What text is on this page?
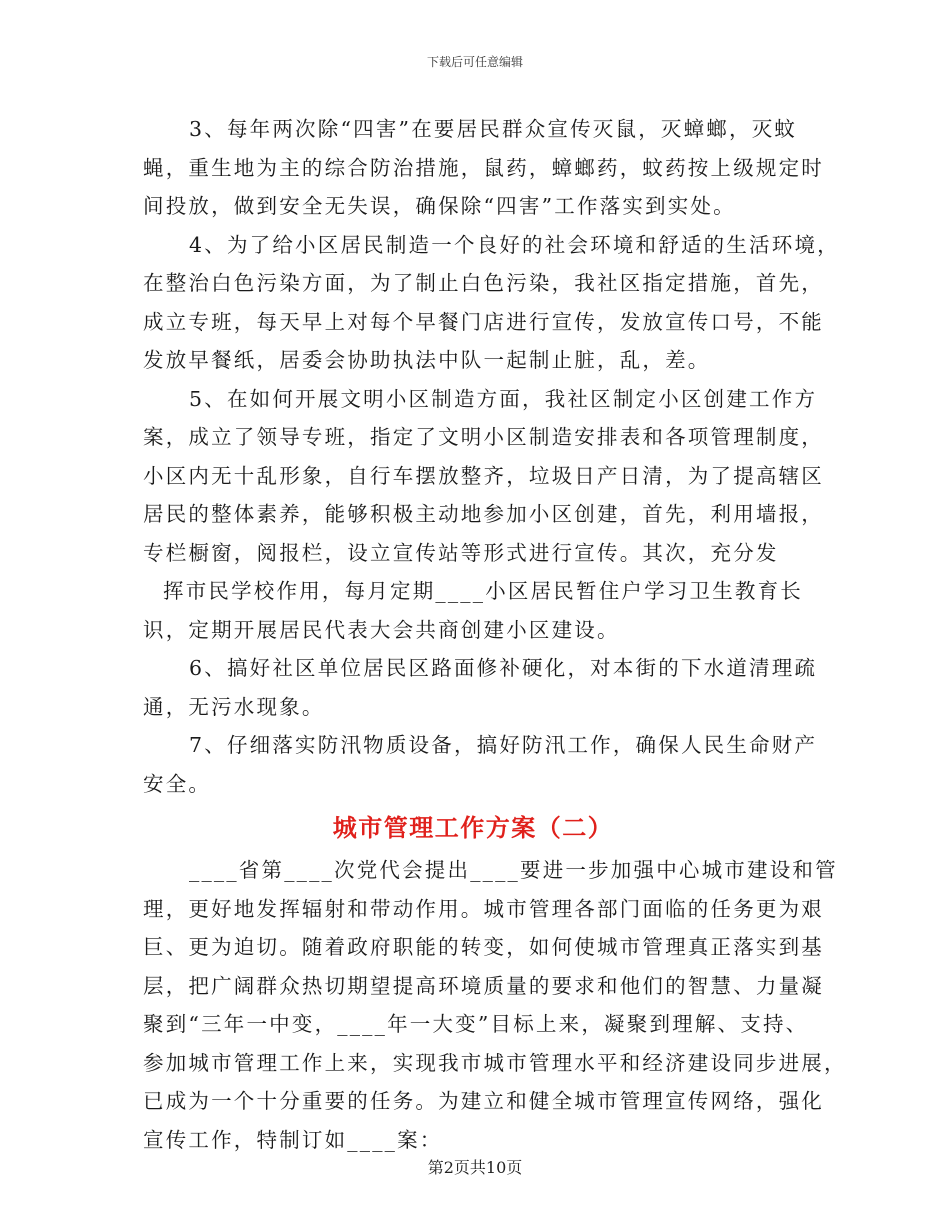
下载后可任意编辑
3、每年两次除“四害”在要居民群众宣传灭鼠，灭蟑螂，灭蚊
蝇，重生地为主的综合防治措施，鼠药，蟑螂药，蚊药按上级规定时
间投放，做到安全无失误，确保除“四害”工作落实到实处。
4、为了给小区居民制造一个良好的社会环境和舒适的生活环境，
在整治白色污染方面，为了制止白色污染，我社区指定措施，首先，
成立专班，每天早上对每个早餐门店进行宣传，发放宣传口号，不能
发放早餐纸，居委会协助执法中队一起制止脏，乱，差。
5、在如何开展文明小区制造方面，我社区制定小区创建工作方
案，成立了领导专班，指定了文明小区制造安排表和各项管理制度，
小区内无十乱形象，自行车摆放整齐，垃圾日产日清，为了提高辖区
居民的整体素养，能够积极主动地参加小区创建，首先，利用墙报，
专栏橱窗，阅报栏，设立宣传站等形式进行宣传。其次，充分发
挥市民学校作用，每月定期____小区居民暂住户学习卫生教育长
识，定期开展居民代表大会共商创建小区建设。
6、搞好社区单位居民区路面修补硬化，对本街的下水道清理疏
通，无污水现象。
7、仔细落实防汛物质设备，搞好防汛工作，确保人民生命财产
安全。
城市管理工作方案（二）
____省第____次党代会提出____要进一步加强中心城市建设和管
理，更好地发挥辐射和带动作用。城市管理各部门面临的任务更为艰
巨、更为迫切。随着政府职能的转变，如何使城市管理真正落实到基
层，把广阔群众热切期望提高环境质量的要求和他们的智慧、力量凝
聚到“三年一中变，____年一大变”目标上来，凝聚到理解、支持、
参加城市管理工作上来，实现我市城市管理水平和经济建设同步进展，
已成为一个十分重要的任务。为建立和健全城市管理宣传网络，强化
宣传工作，特制订如____案：
第2页共10页
